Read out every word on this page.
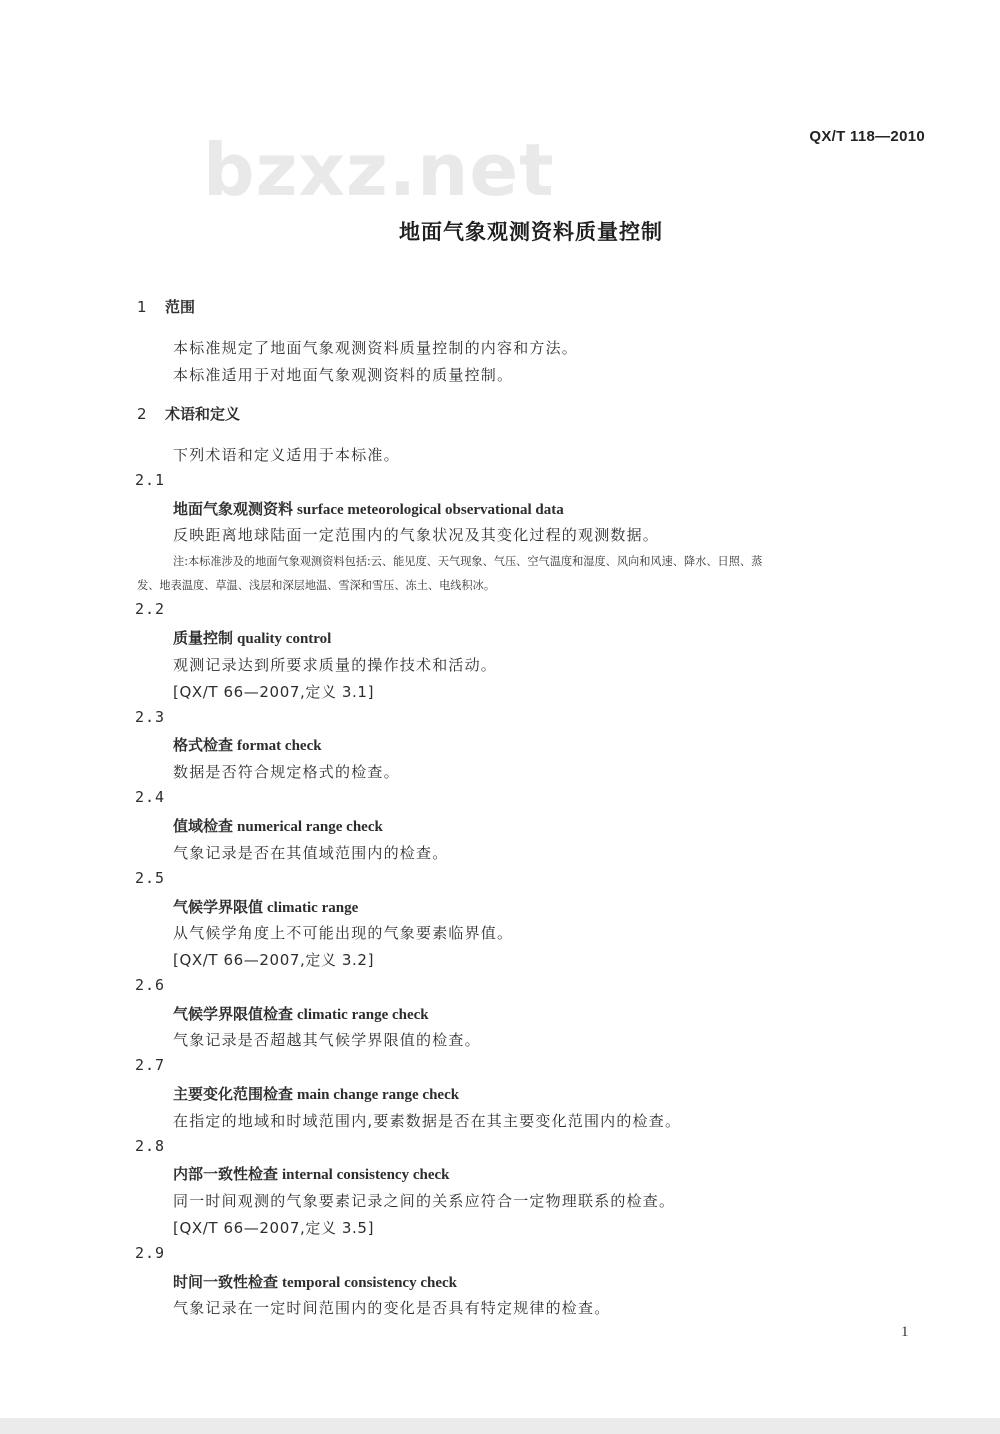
bzxz.net	QX/T 118—2010
地面气象观测资料质量控制
1 范围
本标准规定了地面气象观测资料质量控制的内容和方法。
本标准适用于对地面气象观测资料的质量控制。
2 术语和定义
下列术语和定义适用于本标准。
2.1
地面气象观测资料 surface meteorological observational data
反映距离地球陆面一定范围内的气象状况及其变化过程的观测数据。
注:本标准涉及的地面气象观测资料包括:云、能见度、天气现象、气压、空气温度和湿度、风向和风速、降水、日照、蒸
发、地表温度、草温、浅层和深层地温、雪深和雪压、冻土、电线积冰。
2.2
质量控制 quality control
观测记录达到所要求质量的操作技术和活动。
[QX/T 66—2007,定义 3.1]
2.3
格式检查 format check
数据是否符合规定格式的检查。
2.4
值域检查 numerical range check
气象记录是否在其值域范围内的检查。
2.5
气候学界限值 climatic range
从气候学角度上不可能出现的气象要素临界值。
[QX/T 66—2007,定义 3.2]
2.6
气候学界限值检查 climatic range check
气象记录是否超越其气候学界限值的检查。
2.7
主要变化范围检查 main change range check
在指定的地域和时域范围内,要素数据是否在其主要变化范围内的检查。
2.8
内部一致性检查 internal consistency check
同一时间观测的气象要素记录之间的关系应符合一定物理联系的检查。
[QX/T 66—2007,定义 3.5]
2.9
时间一致性检查 temporal consistency check
气象记录在一定时间范围内的变化是否具有特定规律的检查。
1
